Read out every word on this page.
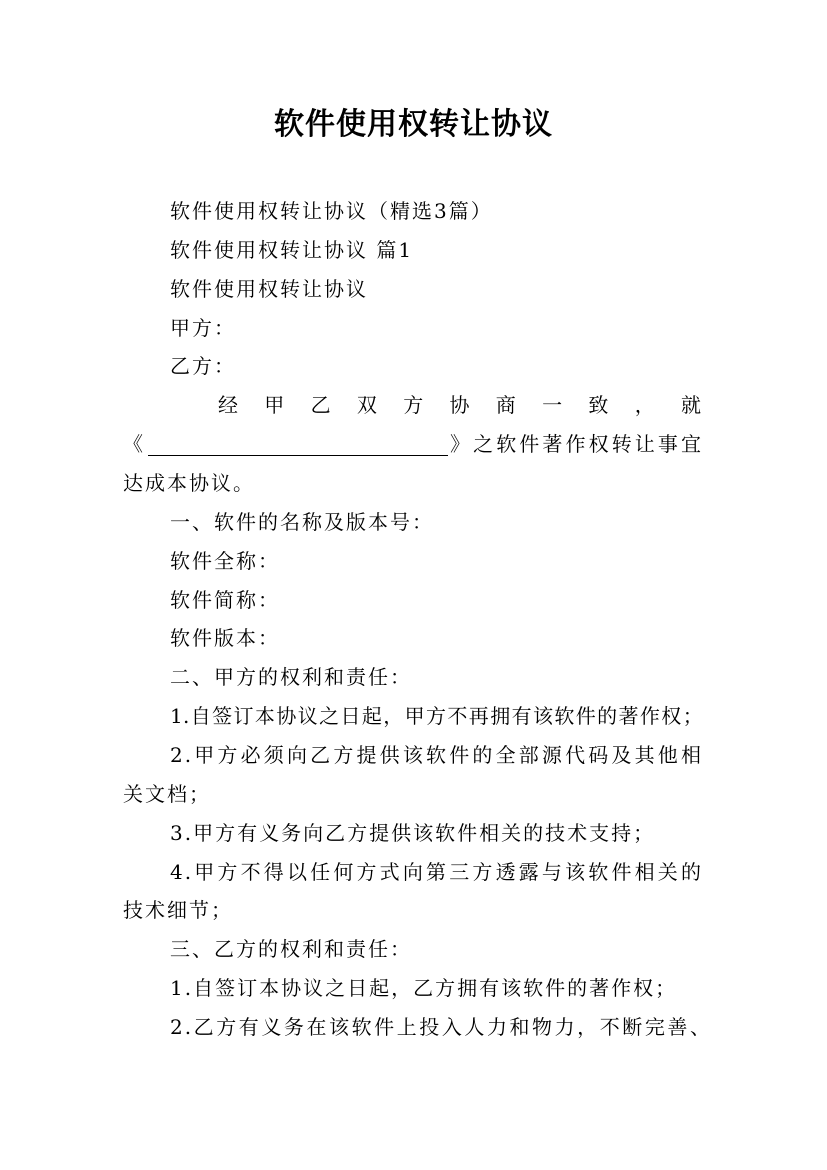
软件使用权转让协议
软件使用权转让协议（精选3篇）
软件使用权转让协议 篇1
软件使用权转让协议
甲方：
乙方：
经甲乙双方协商一致，就
《	》之软件著作权转让事宜
达成本协议。
一、软件的名称及版本号：
软件全称：
软件简称：
软件版本：
二、甲方的权利和责任：
1.自签订本协议之日起，甲方不再拥有该软件的著作权；
2.甲方必须向乙方提供该软件的全部源代码及其他相
关文档；
3.甲方有义务向乙方提供该软件相关的技术支持；
4.甲方不得以任何方式向第三方透露与该软件相关的
技术细节；
三、乙方的权利和责任：
1.自签订本协议之日起，乙方拥有该软件的著作权；
2.乙方有义务在该软件上投入人力和物力，不断完善、
